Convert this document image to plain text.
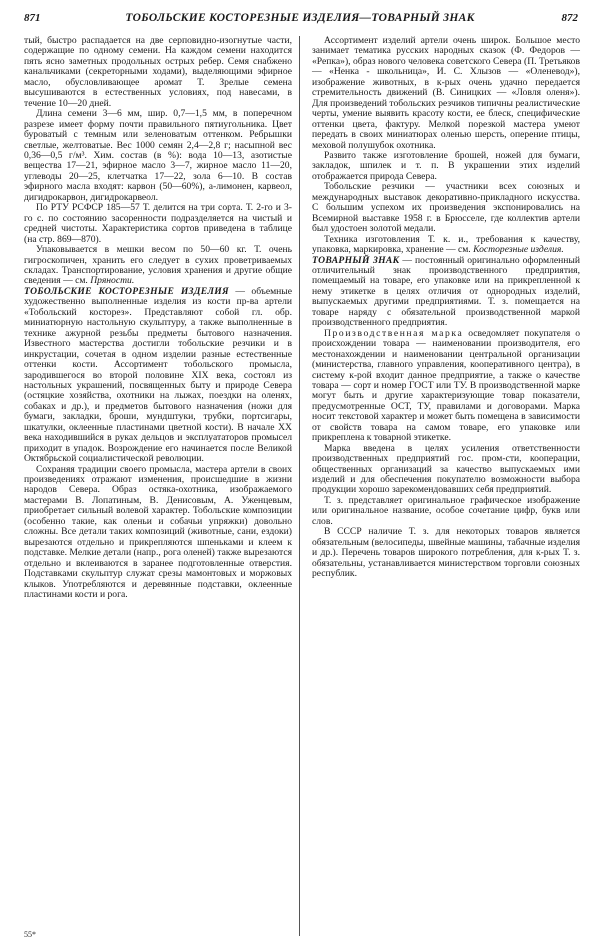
871	ТОБОЛЬСКИЕ КОСТОРЕЗНЫЕ ИЗДЕЛИЯ—ТОВАРНЫЙ ЗНАК	872

тый, быстро распадается на две серповидно-изогнутые части, содержащие по одному семени. На каждом семени находится пять ясно заметных продольных острых ребер. Семя снабжено канальчиками (секреторными ходами), выделяющими эфирное масло, обусловливающее аромат Т. Зрелые семена высушиваются в естественных условиях, под навесами, в течение 10—20 дней.

Длина семени 3—6 мм, шир. 0,7—1,5 мм, в поперечном разрезе имеет форму почти правильного пятиугольника. Цвет буроватый с темным или зеленоватым оттенком. Ребрышки светлые, желтоватые. Вес 1000 семян 2,4—2,8 г; насыпной вес 0,36—0,5 г/м³. Хим. состав (в %): вода 10—13, азотистые вещества 17—21, эфирное масло 3—7, жирное масло 11—20, углеводы 20—25, клетчатка 17—22, зола 6—10. В состав эфирного масла входят: карвон (50—60%), а-лимонен, карвеол, дигидрокарвон, дигидрокарвеол.

По РТУ РСФСР 185—57 Т. делится на три сорта. Т. 2-го и 3-го с. по состоянию засоренности подразделяется на чистый и средней чистоты. Характеристика сортов приведена в таблице (на стр. 869—870).

Упаковывается в мешки весом по 50—60 кг. Т. очень гигроскопичен, хранить его следует в сухих проветриваемых складах. Транспортирование, условия хранения и другие общие сведения — см. Пряности.

ТОБОЛЬСКИЕ КОСТОРЕЗНЫЕ ИЗДЕЛИЯ — объемные художественно выполненные изделия из кости пр-ва артели «Тобольский косторез». Представляют собой гл. обр. миниатюрную настольную скульптуру, а также выполненные в технике ажурной резьбы предметы бытового назначения. Известного мастерства достигли тобольские резчики и в инкрустации, сочетая в одном изделии разные естественные оттенки кости. Ассортимент тобольского промысла, зародившегося во второй половине XIX века, состоял из настольных украшений, посвященных быту и природе Севера (остяцкие хозяйства, охотники на лыжах, поездки на оленях, собаках и др.), и предметов бытового назначения (ножи для бумаги, закладки, броши, мундштуки, трубки, портсигары, шкатулки, оклеенные пластинами цветной кости). В начале XX века находившийся в руках дельцов и эксплуататоров промысел приходит в упадок. Возрождение его начинается после Великой Октябрьской социалистической революции.

Сохраняя традиции своего промысла, мастера артели в своих произведениях отражают изменения, происшедшие в жизни народов Севера. Образ остяка-охотника, изображаемого мастерами В. Лопатиным, В. Денисовым, А. Уженцевым, приобретает сильный волевой характер. Тобольские композиции (особенно такие, как оленьи и собачьи упряжки) довольно сложны. Все детали таких композиций (животные, сани, ездоки) вырезаются отдельно и прикрепляются шпеньками и клеем к подставке. Мелкие детали (напр., рога оленей) также вырезаются отдельно и вклеиваются в заранее подготовленные отверстия. Подставками скульптур служат срезы мамонтовых и моржовых клыков. Употребляются и деревянные подставки, оклеенные пластинами кости и рога.

Ассортимент изделий артели очень широк. Большое место занимает тематика русских народных сказок (Ф. Федоров — «Репка»), образ нового человека советского Севера (П. Третьяков — «Ненка - школьница», И. С. Хлызов — «Оленевод»), изображение животных, в к-рых очень удачно передается стремительность движений (В. Синицких — «Ловля оленя»). Для произведений тобольских резчиков типичны реалистические черты, умение выявить красоту кости, ее блеск, специфические оттенки цвета, фактуру. Мелкой порезкой мастера умеют передать в своих миниатюрах оленью шерсть, оперение птицы, меховой полушубок охотника.

Развито также изготовление брошей, ножей для бумаги, закладок, шпилек и т. п. В украшении этих изделий отображается природа Севера.

Тобольские резчики — участники всех союзных и международных выставок декоративно-прикладного искусства. С большим успехом их произведения экспонировались на Всемирной выставке 1958 г. в Брюсселе, где коллектив артели был удостоен золотой медали.

Техника изготовления Т. к. и., требования к качеству, упаковка, маркировка, хранение — см. Косторезные изделия.

ТОВАРНЫЙ ЗНАК — постоянный оригинально оформленный отличительный знак производственного предприятия, помещаемый на товаре, его упаковке или на прикрепленной к нему этикетке в целях отличия от однородных изделий, выпускаемых другими предприятиями. Т. з. помещается на товаре наряду с обязательной производственной маркой производственного предприятия.

Производственная марка осведомляет покупателя о происхождении товара — наименовании производителя, его местонахождении и наименовании центральной организации (министерства, главного управления, кооперативного центра), в систему к-рой входит данное предприятие, а также о качестве товара — сорт и номер ГОСТ или ТУ. В производственной марке могут быть и другие характеризующие товар показатели, предусмотренные ОСТ, ТУ, правилами и договорами. Марка носит текстовой характер и может быть помещена в зависимости от свойств товара на самом товаре, его упаковке или прикреплена к товарной этикетке.

Марка введена в целях усиления ответственности производственных предприятий гос. пром-сти, кооперации, общественных организаций за качество выпускаемых ими изделий и для обеспечения покупателю возможности выбора продукции хорошо зарекомендовавших себя предприятий.

Т. з. представляет оригинальное графическое изображение или оригинальное название, особое сочетание цифр, букв или слов.

В СССР наличие Т. з. для некоторых товаров является обязательным (велосипеды, швейные машины, табачные изделия и др.). Перечень товаров широкого потребления, для к-рых Т. з. обязательны, устанавливается министерством торговли союзных республик.

55*
